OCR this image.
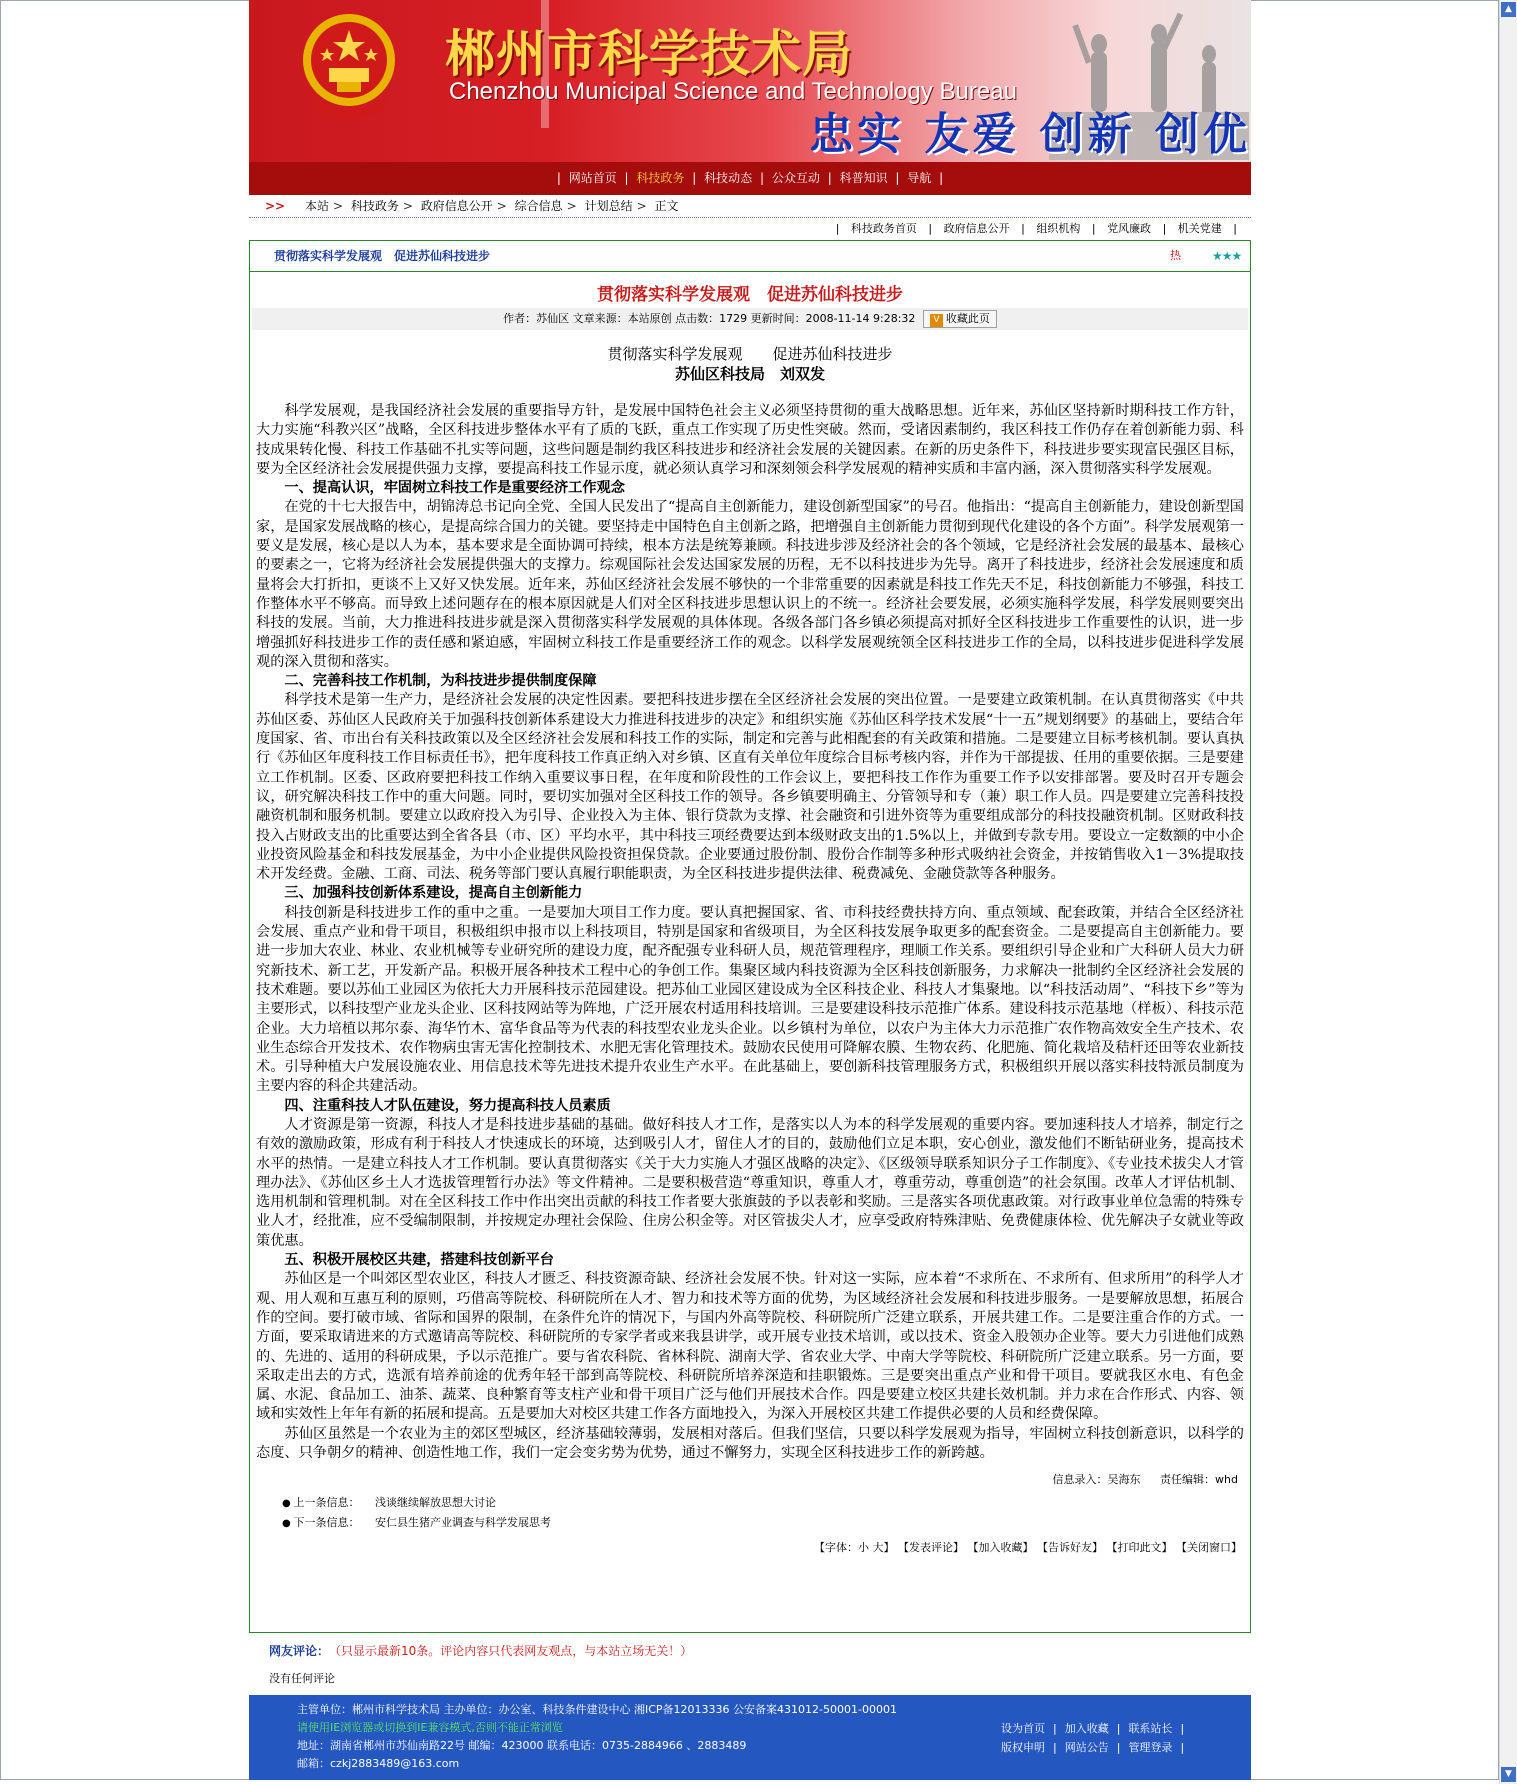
▲
▼
郴州市科学技术局
Chenzhou Municipal Science and Technology Bureau
忠实 友爱 创新 创优
| 网站首页 | 科技政务 | 科技动态 | 公众互动 | 科普知识 | 导航 |
>> 本站 > 科技政务 > 政府信息公开 > 综合信息 > 计划总结 > 正文
| 科技政务首页 | 政府信息公开 | 组织机构 | 党风廉政 | 机关党建 |
贯彻落实科学发展观　促进苏仙科技进步	热	★★★
贯彻落实科学发展观　促进苏仙科技进步
作者：苏仙区 文章来源：本站原创 点击数：1729 更新时间：2008-11-14 9:28:32 V 收藏此页
贯彻落实科学发展观　　促进苏仙科技进步
苏仙区科技局　刘双发

科学发展观，是我国经济社会发展的重要指导方针，是发展中国特色社会主义必须坚持贯彻的重大战略思想。近年来，苏仙区坚持新时期科技工作方针，大力实施“科教兴区”战略，全区科技进步整体水平有了质的飞跃，重点工作实现了历史性突破。然而，受诸因素制约，我区科技工作仍存在着创新能力弱、科技成果转化慢、科技工作基础不扎实等问题，这些问题是制约我区科技进步和经济社会发展的关键因素。在新的历史条件下，科技进步要实现富民强区目标，要为全区经济社会发展提供强力支撑，要提高科技工作显示度，就必须认真学习和深刻领会科学发展观的精神实质和丰富内涵，深入贯彻落实科学发展观。

一、提高认识，牢固树立科技工作是重要经济工作观念

在党的十七大报告中，胡锦涛总书记向全党、全国人民发出了“提高自主创新能力，建设创新型国家”的号召。他指出：“提高自主创新能力，建设创新型国家，是国家发展战略的核心，是提高综合国力的关键。要坚持走中国特色自主创新之路，把增强自主创新能力贯彻到现代化建设的各个方面”。科学发展观第一要义是发展，核心是以人为本，基本要求是全面协调可持续，根本方法是统筹兼顾。科技进步涉及经济社会的各个领域，它是经济社会发展的最基本、最核心的要素之一，它将为经济社会发展提供强大的支撑力。综观国际社会发达国家发展的历程，无不以科技进步为先导。离开了科技进步，经济社会发展速度和质量将会大打折扣，更谈不上又好又快发展。近年来，苏仙区经济社会发展不够快的一个非常重要的因素就是科技工作先天不足，科技创新能力不够强，科技工作整体水平不够高。而导致上述问题存在的根本原因就是人们对全区科技进步思想认识上的不统一。经济社会要发展，必须实施科学发展，科学发展则要突出科技的发展。当前，大力推进科技进步就是深入贯彻落实科学发展观的具体体现。各级各部门各乡镇必须提高对抓好全区科技进步工作重要性的认识，进一步增强抓好科技进步工作的责任感和紧迫感，牢固树立科技工作是重要经济工作的观念。以科学发展观统领全区科技进步工作的全局，以科技进步促进科学发展观的深入贯彻和落实。

二、完善科技工作机制，为科技进步提供制度保障

科学技术是第一生产力，是经济社会发展的决定性因素。要把科技进步摆在全区经济社会发展的突出位置。一是要建立政策机制。在认真贯彻落实《中共苏仙区委、苏仙区人民政府关于加强科技创新体系建设大力推进科技进步的决定》和组织实施《苏仙区科学技术发展“十一五”规划纲要》的基础上，要结合年度国家、省、市出台有关科技政策以及全区经济社会发展和科技工作的实际，制定和完善与此相配套的有关政策和措施。二是要建立目标考核机制。要认真执行《苏仙区年度科技工作目标责任书》，把年度科技工作真正纳入对乡镇、区直有关单位年度综合目标考核内容，并作为干部提拔、任用的重要依据。三是要建立工作机制。区委、区政府要把科技工作纳入重要议事日程，在年度和阶段性的工作会议上，要把科技工作作为重要工作予以安排部署。要及时召开专题会议，研究解决科技工作中的重大问题。同时，要切实加强对全区科技工作的领导。各乡镇要明确主、分管领导和专（兼）职工作人员。四是要建立完善科技投融资机制和服务机制。要建立以政府投入为引导、企业投入为主体、银行贷款为支撑、社会融资和引进外资等为重要组成部分的科技投融资机制。区财政科技投入占财政支出的比重要达到全省各县（市、区）平均水平，其中科技三项经费要达到本级财政支出的1.5%以上，并做到专款专用。要设立一定数额的中小企业投资风险基金和科技发展基金，为中小企业提供风险投资担保贷款。企业要通过股份制、股份合作制等多种形式吸纳社会资金，并按销售收入1－3%提取技术开发经费。金融、工商、司法、税务等部门要认真履行职能职责，为全区科技进步提供法律、税费减免、金融贷款等各种服务。

三、加强科技创新体系建设，提高自主创新能力

科技创新是科技进步工作的重中之重。一是要加大项目工作力度。要认真把握国家、省、市科技经费扶持方向、重点领域、配套政策，并结合全区经济社会发展、重点产业和骨干项目，积极组织申报市以上科技项目，特别是国家和省级项目，为全区科技发展争取更多的配套资金。二是要提高自主创新能力。要进一步加大农业、林业、农业机械等专业研究所的建设力度，配齐配强专业科研人员，规范管理程序，理顺工作关系。要组织引导企业和广大科研人员大力研究新技术、新工艺，开发新产品。积极开展各种技术工程中心的争创工作。集聚区域内科技资源为全区科技创新服务，力求解决一批制约全区经济社会发展的技术难题。要以苏仙工业园区为依托大力开展科技示范园建设。把苏仙工业园区建设成为全区科技企业、科技人才集聚地。以“科技活动周”、“科技下乡”等为主要形式，以科技型产业龙头企业、区科技网站等为阵地，广泛开展农村适用科技培训。三是要建设科技示范推广体系。建设科技示范基地（样板）、科技示范企业。大力培植以邦尔泰、海华竹木、富华食品等为代表的科技型农业龙头企业。以乡镇村为单位，以农户为主体大力示范推广农作物高效安全生产技术、农业生态综合开发技术、农作物病虫害无害化控制技术、水肥无害化管理技术。鼓励农民使用可降解农膜、生物农药、化肥施、简化栽培及秸杆还田等农业新技术。引导种植大户发展设施农业、用信息技术等先进技术提升农业生产水平。在此基础上，要创新科技管理服务方式，积极组织开展以落实科技特派员制度为主要内容的科企共建活动。

四、注重科技人才队伍建设，努力提高科技人员素质

人才资源是第一资源，科技人才是科技进步基础的基础。做好科技人才工作，是落实以人为本的科学发展观的重要内容。要加速科技人才培养，制定行之有效的激励政策，形成有利于科技人才快速成长的环境，达到吸引人才，留住人才的目的，鼓励他们立足本职，安心创业，激发他们不断钻研业务，提高技术水平的热情。一是建立科技人才工作机制。要认真贯彻落实《关于大力实施人才强区战略的决定》、《区级领导联系知识分子工作制度》、《专业技术拔尖人才管理办法》、《苏仙区乡土人才选拔管理暂行办法》等文件精神。二是要积极营造“尊重知识，尊重人才，尊重劳动，尊重创造”的社会氛围。改革人才评估机制、选用机制和管理机制。对在全区科技工作中作出突出贡献的科技工作者要大张旗鼓的予以表彰和奖励。三是落实各项优惠政策。对行政事业单位急需的特殊专业人才，经批准，应不受编制限制，并按规定办理社会保险、住房公积金等。对区管拔尖人才，应享受政府特殊津贴、免费健康体检、优先解决子女就业等政策优惠。

五、积极开展校区共建，搭建科技创新平台

苏仙区是一个叫郊区型农业区，科技人才匮乏、科技资源奇缺、经济社会发展不快。针对这一实际，应本着“不求所在、不求所有、但求所用”的科学人才观、用人观和互惠互利的原则，巧借高等院校、科研院所在人才、智力和技术等方面的优势，为区域经济社会发展和科技进步服务。一是要解放思想，拓展合作的空间。要打破市域、省际和国界的限制，在条件允许的情况下，与国内外高等院校、科研院所广泛建立联系，开展共建工作。二是要注重合作的方式。一方面，要采取请进来的方式邀请高等院校、科研院所的专家学者或来我县讲学，或开展专业技术培训，或以技术、资金入股领办企业等。要大力引进他们成熟的、先进的、适用的科研成果，予以示范推广。要与省农科院、省林科院、湖南大学、省农业大学、中南大学等院校、科研院所广泛建立联系。另一方面，要采取走出去的方式，选派有培养前途的优秀年轻干部到高等院校、科研院所培养深造和挂职锻炼。三是要突出重点产业和骨干项目。要就我区水电、有色金属、水泥、食品加工、油茶、蔬菜、良种繁育等支柱产业和骨干项目广泛与他们开展技术合作。四是要建立校区共建长效机制。并力求在合作形式、内容、领域和实效性上年年有新的拓展和提高。五是要加大对校区共建工作各方面地投入，为深入开展校区共建工作提供必要的人员和经费保障。

苏仙区虽然是一个农业为主的郊区型城区，经济基础较薄弱，发展相对落后。但我们坚信，只要以科学发展观为指导，牢固树立科技创新意识，以科学的态度、只争朝夕的精神、创造性地工作，我们一定会变劣势为优势，通过不懈努力，实现全区科技进步工作的新跨越。

信息录入：吴海东 责任编辑：whd
● 上一条信息： 浅谈继续解放思想大讨论
● 下一条信息： 安仁县生猪产业调查与科学发展思考
【字体：小 大】 【发表评论】 【加入收藏】 【告诉好友】 【打印此文】 【关闭窗口】
网友评论： （只显示最新10条。评论内容只代表网友观点，与本站立场无关！）
没有任何评论
主管单位：郴州市科学技术局 主办单位：办公室、科技条件建设中心 湘ICP备12013336 公安备案431012-50001-00001
请使用IE浏览器或切换到IE兼容模式,否则不能正常浏览
地址：湖南省郴州市苏仙南路22号 邮编：423000 联系电话：0735-2884966 、2883489
邮箱：czkj2883489@163.com
设为首页 | 加入收藏 | 联系站长 |
版权申明 | 网站公告 | 管理登录 |
